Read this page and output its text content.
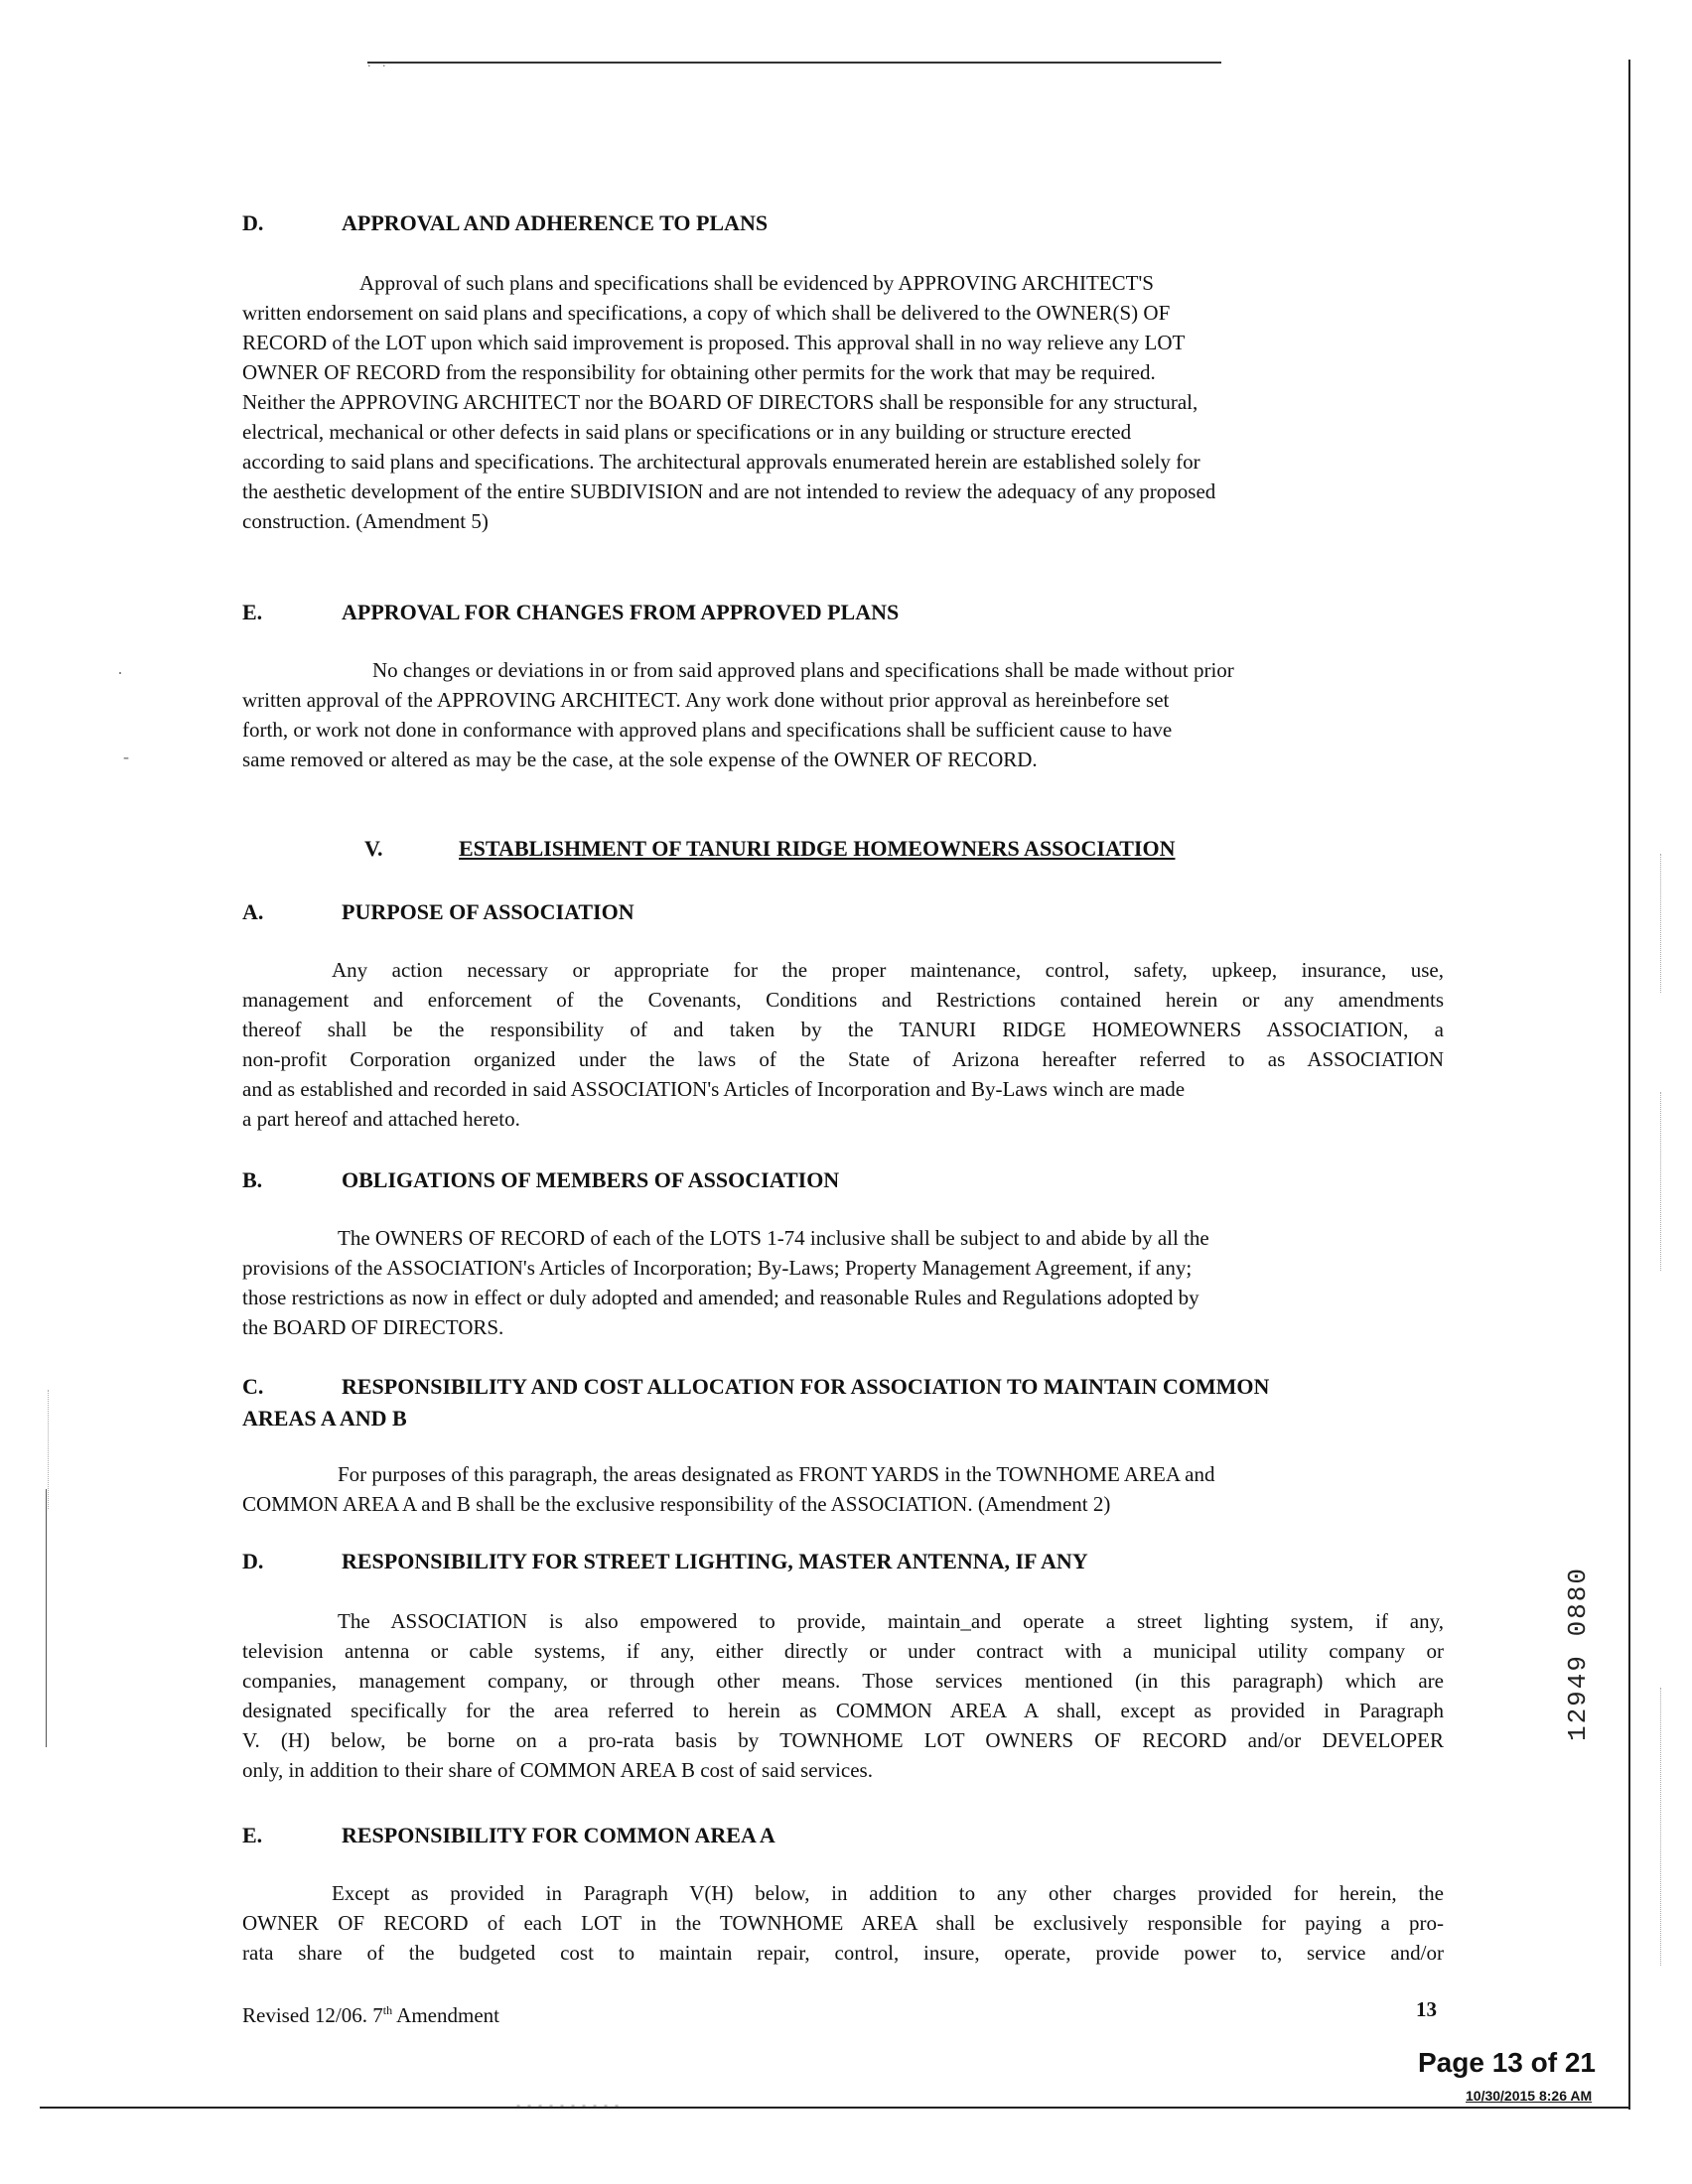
. .
- - - - - - - - - -
·
-
D.	APPROVAL AND ADHERENCE TO PLANS
Approval of such plans and specifications shall be evidenced by APPROVING ARCHITECT'S
written endorsement on said plans and specifications, a copy of which shall be delivered to the OWNER(S) OF
RECORD of the LOT upon which said improvement is proposed. This approval shall in no way relieve any LOT
OWNER OF RECORD from the responsibility for obtaining other permits for the work that may be required.
Neither the APPROVING ARCHITECT nor the BOARD OF DIRECTORS shall be responsible for any structural,
electrical, mechanical or other defects in said plans or specifications or in any building or structure erected
according to said plans and specifications. The architectural approvals enumerated herein are established solely for
the aesthetic development of the entire SUBDIVISION and are not intended to review the adequacy of any proposed
construction. (Amendment 5)
E.	APPROVAL FOR CHANGES FROM APPROVED PLANS
No changes or deviations in or from said approved plans and specifications shall be made without prior
written approval of the APPROVING ARCHITECT. Any work done without prior approval as hereinbefore set
forth, or work not done in conformance with approved plans and specifications shall be sufficient cause to have
same removed or altered as may be the case, at the sole expense of the OWNER OF RECORD.
V.	ESTABLISHMENT OF TANURI RIDGE HOMEOWNERS ASSOCIATION
A.	PURPOSE OF ASSOCIATION
Any action necessary or appropriate for the proper maintenance, control, safety, upkeep, insurance, use,
management and enforcement of the Covenants, Conditions and Restrictions contained herein or any amendments
thereof shall be the responsibility of and taken by the TANURI RIDGE HOMEOWNERS ASSOCIATION, a
non-profit Corporation organized under the laws of the State of Arizona hereafter referred to as ASSOCIATION
and as established and recorded in said ASSOCIATION's Articles of Incorporation and By-Laws winch are made
a part hereof and attached hereto.
B.	OBLIGATIONS OF MEMBERS OF ASSOCIATION
The OWNERS OF RECORD of each of the LOTS 1-74 inclusive shall be subject to and abide by all the
provisions of the ASSOCIATION's Articles of Incorporation; By-Laws; Property Management Agreement, if any;
those restrictions as now in effect or duly adopted and amended; and reasonable Rules and Regulations adopted by
the BOARD OF DIRECTORS.
C.	RESPONSIBILITY AND COST ALLOCATION FOR ASSOCIATION TO MAINTAIN COMMON
AREAS A AND B
For purposes of this paragraph, the areas designated as FRONT YARDS in the TOWNHOME AREA and
COMMON AREA A and B shall be the exclusive responsibility of the ASSOCIATION. (Amendment 2)
D.	RESPONSIBILITY FOR STREET LIGHTING, MASTER ANTENNA, IF ANY
The ASSOCIATION is also empowered to provide, maintain_and operate a street lighting system, if any,
television antenna or cable systems, if any, either directly or under contract with a municipal utility company or
companies, management company, or through other means. Those services mentioned (in this paragraph) which are
designated specifically for the area referred to herein as COMMON AREA A shall, except as provided in Paragraph
V. (H) below, be borne on a pro-rata basis by TOWNHOME LOT OWNERS OF RECORD and/or DEVELOPER
only, in addition to their share of COMMON AREA B cost of said services.
E.	RESPONSIBILITY FOR COMMON AREA A
Except as provided in Paragraph V(H) below, in addition to any other charges provided for herein, the
OWNER OF RECORD of each LOT in the TOWNHOME AREA shall be exclusively responsible for paying a pro-
rata share of the budgeted cost to maintain repair, control, insure, operate, provide power to, service and/or
Revised 12/06. 7th Amendment	13
12949 0880
Page 13 of 21
10/30/2015 8:26 AM
